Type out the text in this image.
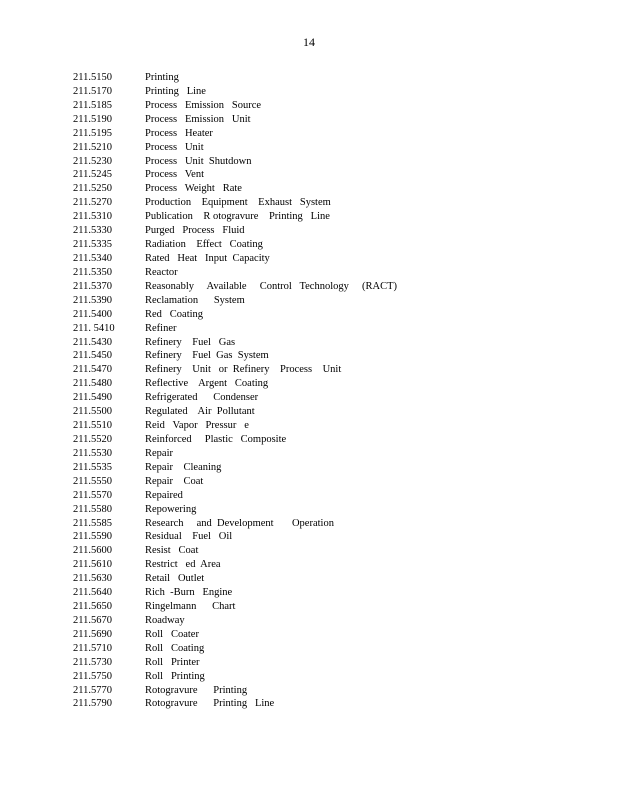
14
211.5150	Printing
211.5170	Printing   Line
211.5185	Process   Emission   Source
211.5190	Process   Emission   Unit
211.5195	Process   Heater
211.5210	Process   Unit
211.5230	Process   Unit  Shutdown
211.5245	Process   Vent
211.5250	Process   Weight   Rate
211.5270	Production    Equipment    Exhaust   System
211.5310	Publication    R otogravure    Printing   Line
211.5330	Purged   Process   Fluid
211.5335	Radiation    Effect   Coating
211.5340	Rated   Heat   Input  Capacity
211.5350	Reactor
211.5370	Reasonably     Available     Control   Technology     (RACT)
211.5390	Reclamation      System
211.5400	Red   Coating
211. 5410	Refiner
211.5430	Refinery    Fuel   Gas
211.5450	Refinery    Fuel  Gas  System
211.5470	Refinery    Unit   or  Refinery    Process    Unit
211.5480	Reflective    Argent   Coating
211.5490	Refrigerated      Condenser
211.5500	Regulated    Air  Pollutant
211.5510	Reid   Vapor   Pressur   e
211.5520	Reinforced     Plastic   Composite
211.5530	Repair
211.5535	Repair    Cleaning
211.5550	Repair    Coat
211.5570	Repaired
211.5580	Repowering
211.5585	Research     and  Development       Operation
211.5590	Residual    Fuel   Oil
211.5600	Resist   Coat
211.5610	Restrict   ed  Area
211.5630	Retail   Outlet
211.5640	Rich  -Burn   Engine
211.5650	Ringelmann      Chart
211.5670	Roadway
211.5690	Roll   Coater
211.5710	Roll   Coating
211.5730	Roll   Printer
211.5750	Roll   Printing
211.5770	Rotogravure      Printing
211.5790	Rotogravure      Printing   Line
